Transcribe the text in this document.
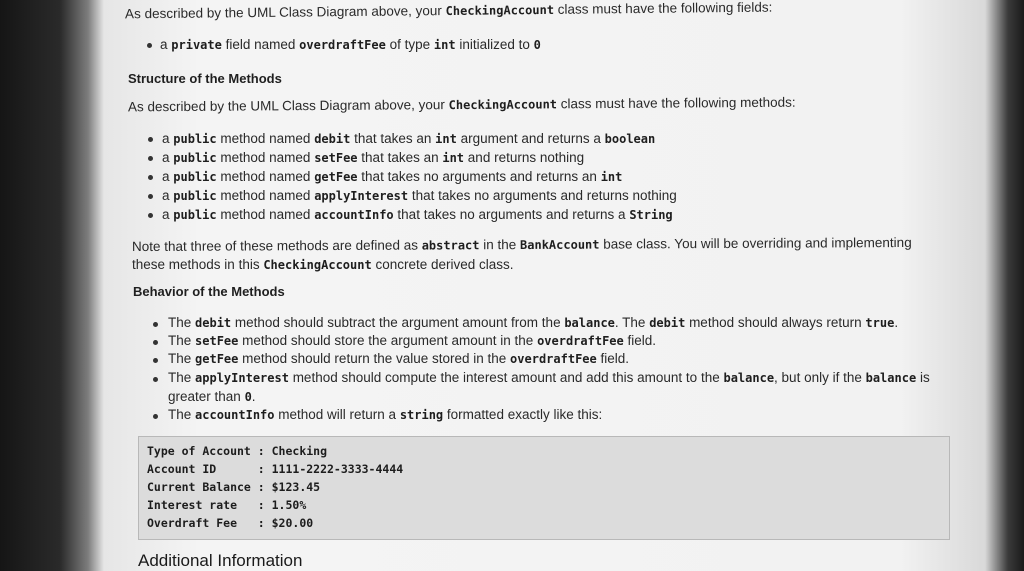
As described by the UML Class Diagram above, your CheckingAccount class must have the following fields:
a private field named overdraftFee of type int initialized to 0
Structure of the Methods
As described by the UML Class Diagram above, your CheckingAccount class must have the following methods:
a public method named debit that takes an int argument and returns a boolean
a public method named setFee that takes an int and returns nothing
a public method named getFee that takes no arguments and returns an int
a public method named applyInterest that takes no arguments and returns nothing
a public method named accountInfo that takes no arguments and returns a String
Note that three of these methods are defined as abstract in the BankAccount base class. You will be overriding and implementing
these methods in this CheckingAccount concrete derived class.
Behavior of the Methods
The debit method should subtract the argument amount from the balance. The debit method should always return true.
The setFee method should store the argument amount in the overdraftFee field.
The getFee method should return the value stored in the overdraftFee field.
The applyInterest method should compute the interest amount and add this amount to the balance, but only if the balance is
greater than 0.
The accountInfo method will return a string formatted exactly like this:
Type of Account : Checking
Account ID      : 1111-2222-3333-4444
Current Balance : $123.45
Interest rate   : 1.50%
Overdraft Fee   : $20.00
Additional Information
